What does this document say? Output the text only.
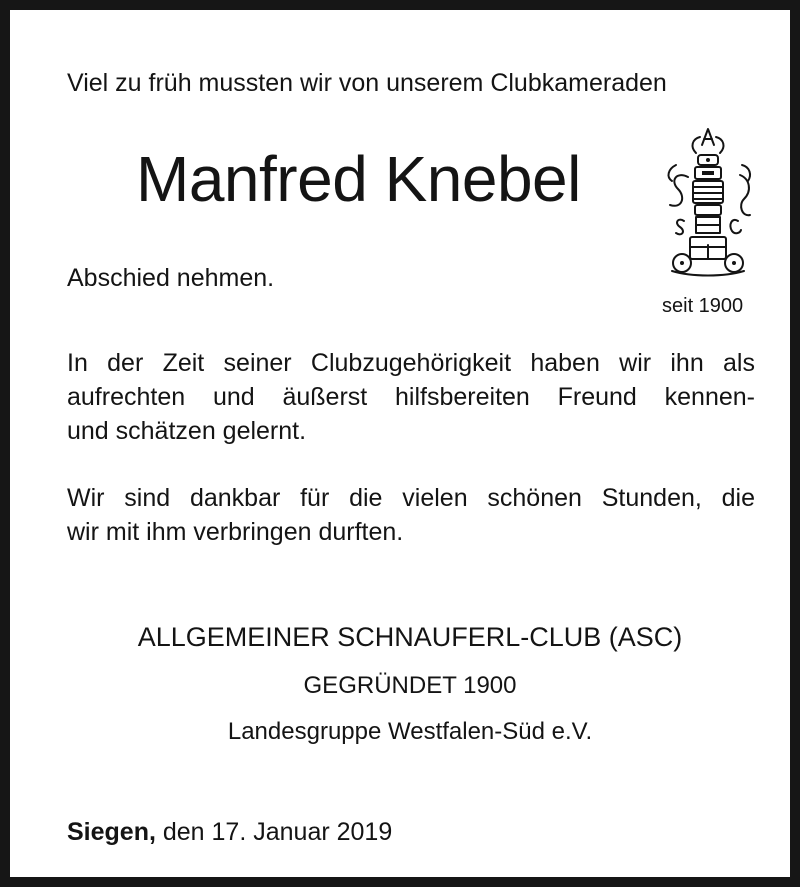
Viel zu früh mussten wir von unserem Clubkameraden

Manfred Knebel

Abschied nehmen.

seit 1900

In der Zeit seiner Clubzugehörigkeit haben wir ihn als
aufrechten und äußerst hilfsbereiten Freund kennen-
und schätzen gelernt.
Wir sind dankbar für die vielen schönen Stunden, die
wir mit ihm verbringen durften.

ALLGEMEINER SCHNAUFERL-CLUB (ASC)

GEGRÜNDET 1900

Landesgruppe Westfalen-Süd e.V.

Siegen, den 17. Januar 2019
